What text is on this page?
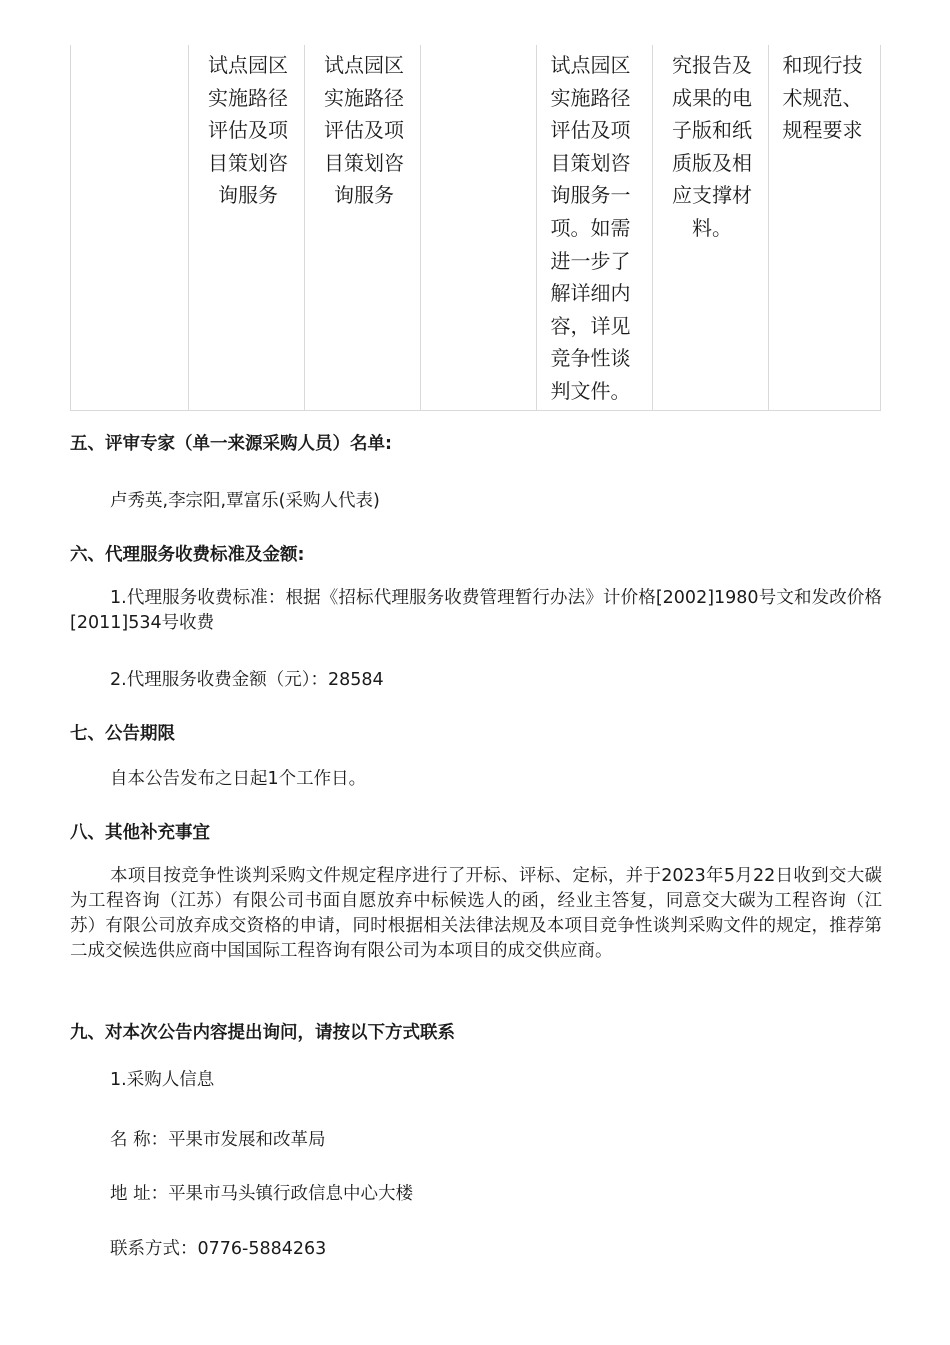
	试点园区实施路径评估及项目策划咨询服务	试点园区实施路径评估及项目策划咨询服务		试点园区实施路径评估及项目策划咨询服务一项。如需进一步了解详细内容，详见竞争性谈判文件。	究报告及成果的电子版和纸质版及相应支撑材料。	和现行技术规范、规程要求

五、评审专家（单一来源采购人员）名单:

卢秀英,李宗阳,覃富乐(采购人代表)

六、代理服务收费标准及金额:

1.代理服务收费标准：根据《招标代理服务收费管理暂行办法》计价格[2002]1980号文和发改价格[2011]534号收费

2.代理服务收费金额（元）：28584

七、公告期限

自本公告发布之日起1个工作日。

八、其他补充事宜

本项目按竞争性谈判采购文件规定程序进行了开标、评标、定标，并于2023年5月22日收到交大碳为工程咨询（江苏）有限公司书面自愿放弃中标候选人的函，经业主答复，同意交大碳为工程咨询（江苏）有限公司放弃成交资格的申请，同时根据相关法律法规及本项目竞争性谈判采购文件的规定，推荐第二成交候选供应商中国国际工程咨询有限公司为本项目的成交供应商。

九、对本次公告内容提出询问，请按以下方式联系

1.采购人信息

名 称：平果市发展和改革局

地 址：平果市马头镇行政信息中心大楼

联系方式：0776-5884263
